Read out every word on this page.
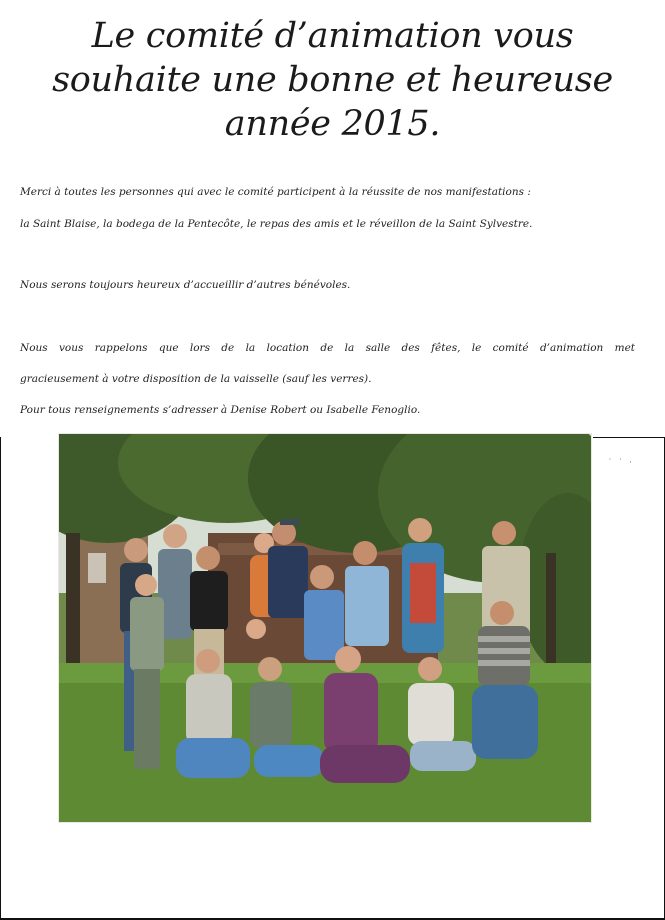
Le comité d’animation vous
souhaite une bonne et heureuse
année 2015.
Merci à toutes les personnes qui avec le comité participent à la réussite de nos manifestations :
la Saint Blaise, la bodega de la Pentecôte, le repas des amis et le réveillon de la Saint Sylvestre.
Nous serons toujours heureux d’accueillir d’autres bénévoles.
Nous vous rappelons que lors de la location de la salle des fêtes, le comité d’animation met
gracieusement à votre disposition de la vaisselle (sauf les verres).
Pour tous renseignements s’adresser à Denise Robert ou Isabelle Fenoglio.
˙ ˙ ·
